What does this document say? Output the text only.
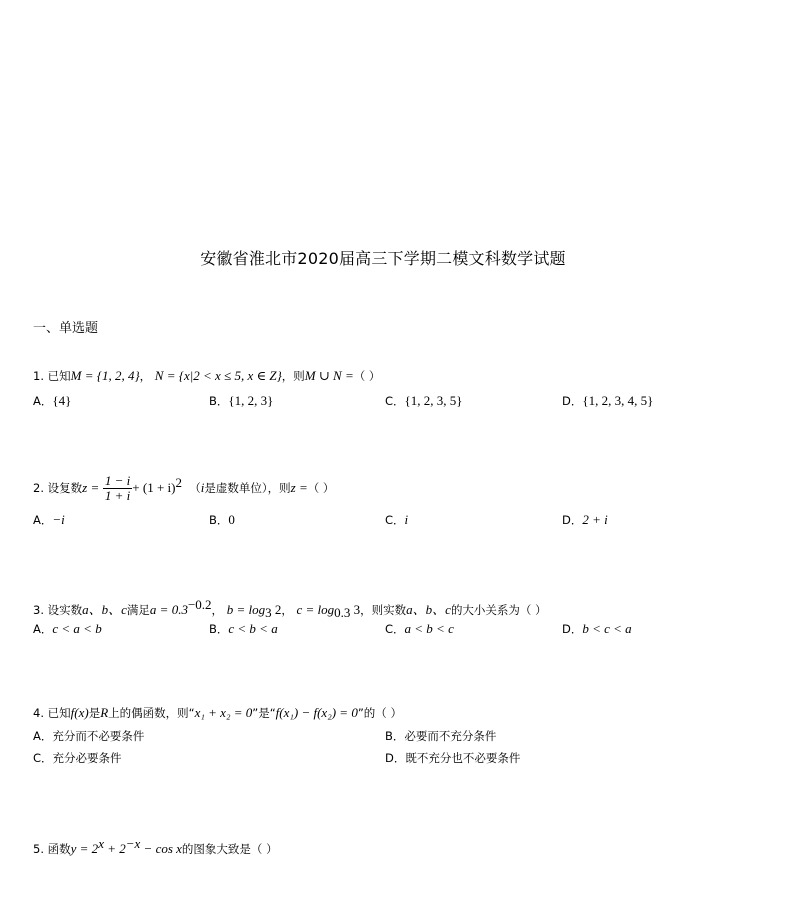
安徽省淮北市2020届高三下学期二模文科数学试题
一、单选题
1. 已知M = {1, 2, 4}， N = {x|2 < x ≤ 5, x ∈ Z}，则M ∪ N =（ ）
A．{4}	B．{1, 2, 3}	C．{1, 2, 3, 5}	D．{1, 2, 3, 4, 5}
2. 设复数$z = \frac{1 - i}{1 + i} + (1 + i)^2$ （i是虚数单位），则z =（ ）
A．−i	B．0	C．i	D．2 + i
3. 设实数a、b、c满足$a = 0.3^{-0.2}$， $b = \log_3 2$， $c = \log_{0.3} 3$，则实数a、b、c的大小关系为（ ）
A．c < a < b	B．c < b < a	C．a < b < c	D．b < c < a
4. 已知f(x)是R上的偶函数，则“x₁ + x₂ = 0”是“f(x₁) − f(x₂) = 0”的（ ）
A．充分而不必要条件	B．必要而不充分条件
C．充分必要条件	D．既不充分也不必要条件
5. 函数$y = 2^x + 2^{-x} - \cos x$的图象大致是（ ）
